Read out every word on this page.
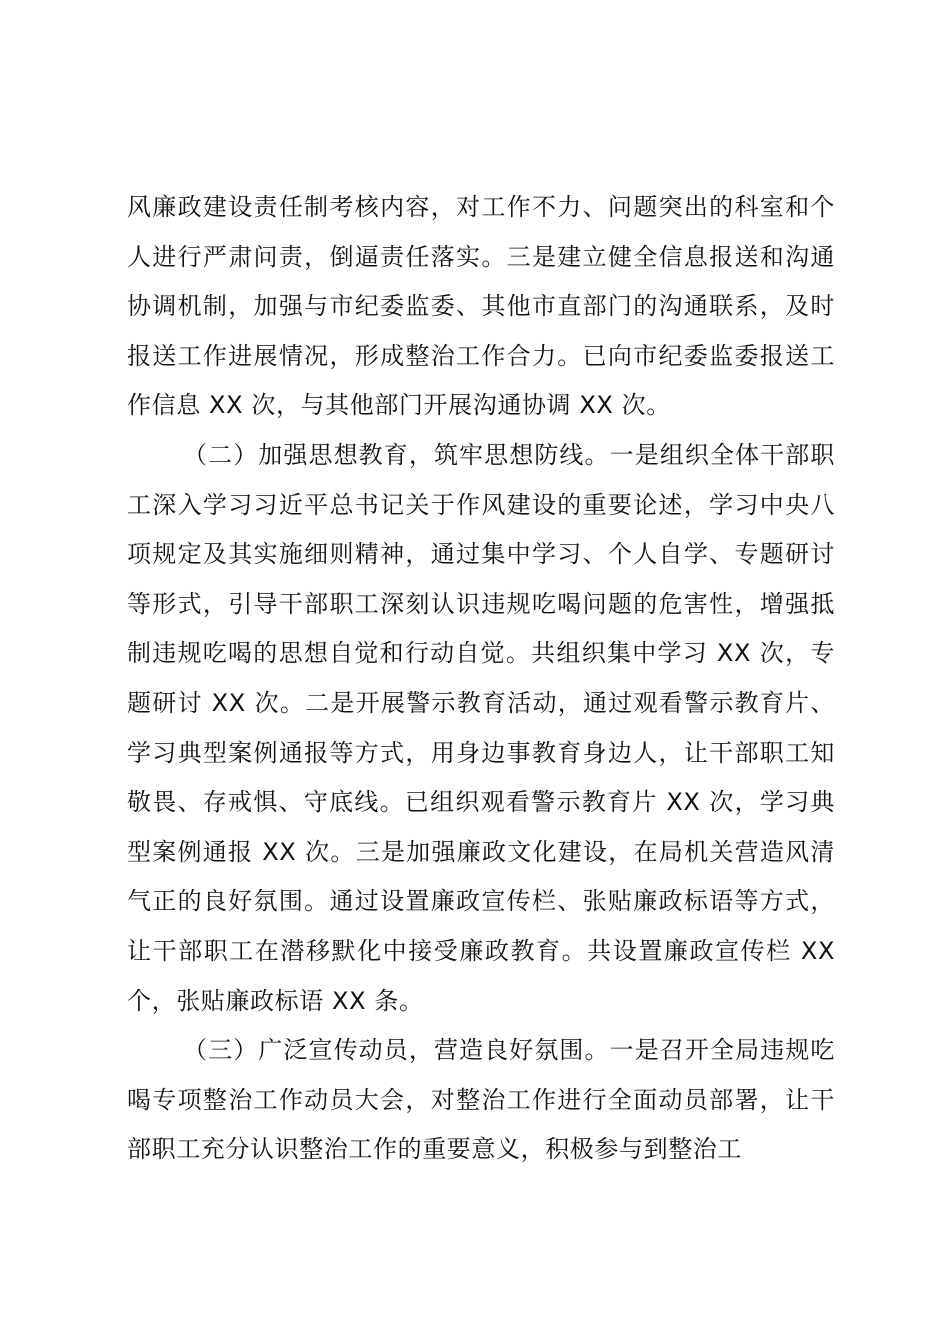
风廉政建设责任制考核内容，对工作不力、问题突出的科室和个人进行严肃问责，倒逼责任落实。三是建立健全信息报送和沟通协调机制，加强与市纪委监委、其他市直部门的沟通联系，及时报送工作进展情况，形成整治工作合力。已向市纪委监委报送工作信息 XX 次，与其他部门开展沟通协调 XX 次。

（二）加强思想教育，筑牢思想防线。一是组织全体干部职工深入学习习近平总书记关于作风建设的重要论述，学习中央八项规定及其实施细则精神，通过集中学习、个人自学、专题研讨等形式，引导干部职工深刻认识违规吃喝问题的危害性，增强抵制违规吃喝的思想自觉和行动自觉。共组织集中学习 XX 次，专题研讨 XX 次。二是开展警示教育活动，通过观看警示教育片、学习典型案例通报等方式，用身边事教育身边人，让干部职工知敬畏、存戒惧、守底线。已组织观看警示教育片 XX 次，学习典型案例通报 XX 次。三是加强廉政文化建设，在局机关营造风清气正的良好氛围。通过设置廉政宣传栏、张贴廉政标语等方式，让干部职工在潜移默化中接受廉政教育。共设置廉政宣传栏 XX 个，张贴廉政标语 XX 条。

（三）广泛宣传动员，营造良好氛围。一是召开全局违规吃喝专项整治工作动员大会，对整治工作进行全面动员部署，让干部职工充分认识整治工作的重要意义，积极参与到整治工
